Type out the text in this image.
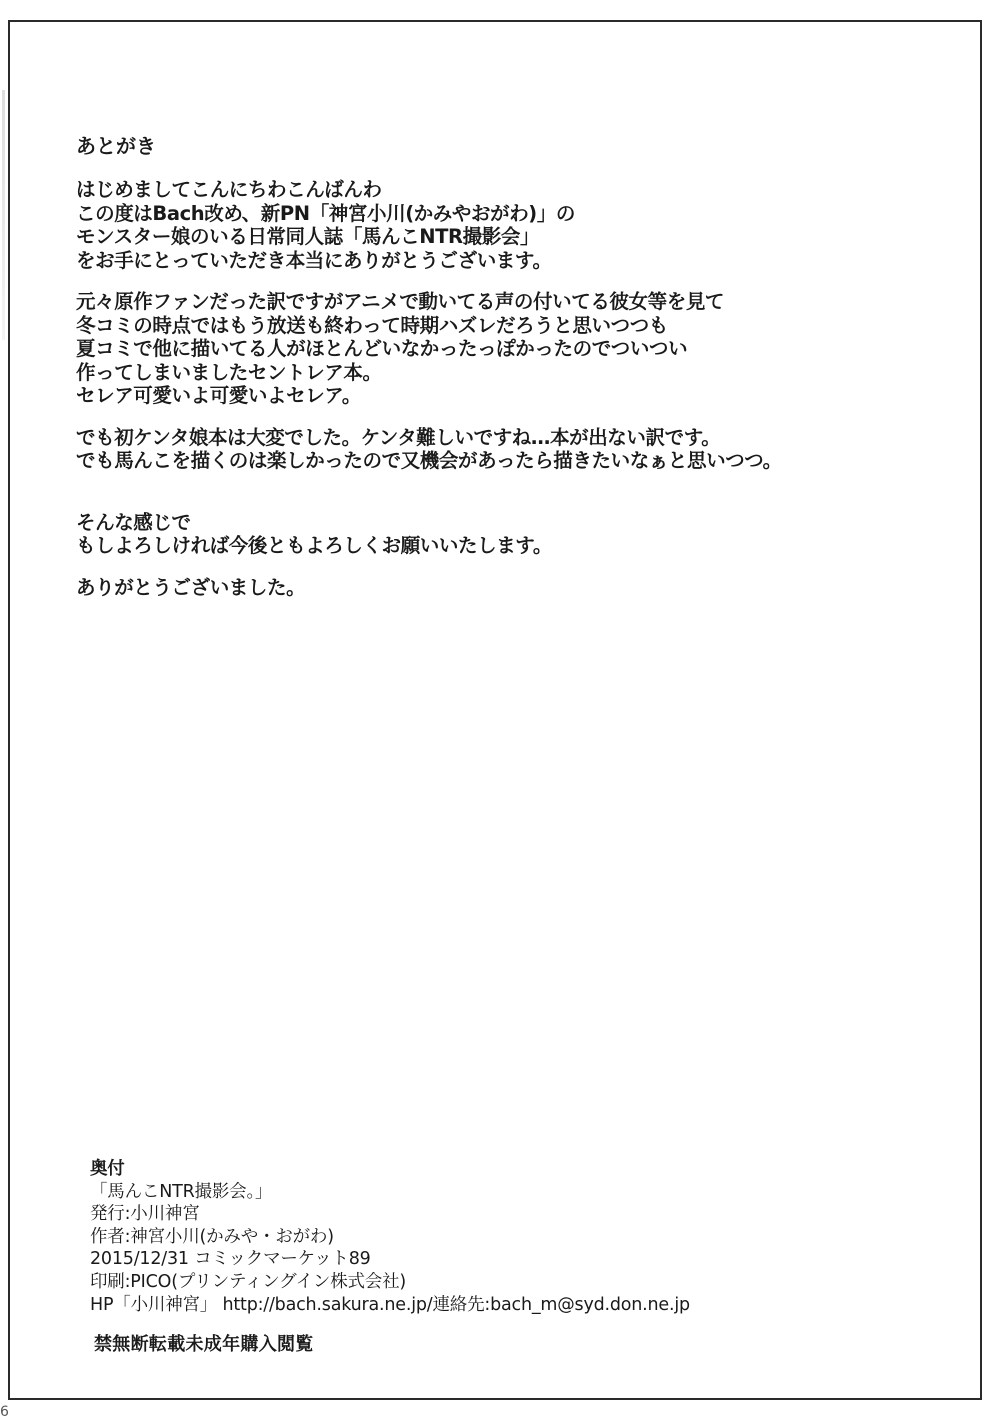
あとがき
はじめましてこんにちわこんばんわ
この度はBach改め、新PN「神宮小川(かみやおがわ)」の
モンスター娘のいる日常同人誌「馬んこNTR撮影会」
をお手にとっていただき本当にありがとうございます。
元々原作ファンだった訳ですがアニメで動いてる声の付いてる彼女等を見て
冬コミの時点ではもう放送も終わって時期ハズレだろうと思いつつも
夏コミで他に描いてる人がほとんどいなかったっぽかったのでついつい
作ってしまいましたセントレア本。
セレア可愛いよ可愛いよセレア。
でも初ケンタ娘本は大変でした。ケンタ難しいですね…本が出ない訳です。
でも馬んこを描くのは楽しかったので又機会があったら描きたいなぁと思いつつ。
そんな感じで
もしよろしければ今後ともよろしくお願いいたします。
ありがとうございました。
奥付
「馬んこNTR撮影会。」
発行:小川神宮
作者:神宮小川(かみや・おがわ)
2015/12/31 コミックマーケット89
印刷:PICO(プリンティングイン株式会社)
HP「小川神宮」 http://bach.sakura.ne.jp/連絡先:bach_m@syd.don.ne.jp
禁無断転載未成年購入閲覧
6
